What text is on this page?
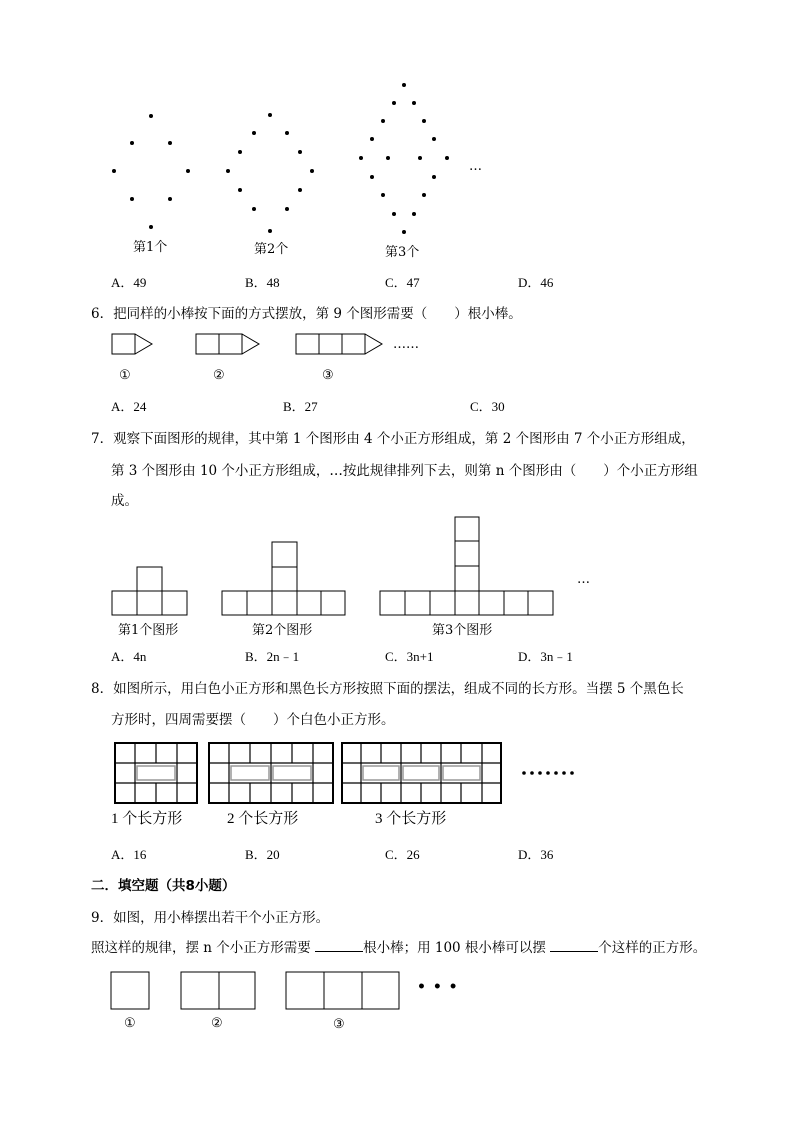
第1个	第2个	第3个
…
A．49	B．48	C．47	D．46
6．把同样的小棒按下面的方式摆放，第 9 个图形需要（　　）根小棒。
……
①	②	③
A．24	B．27	C．30
7．观察下面图形的规律，其中第 1 个图形由 4 个小正方形组成，第 2 个图形由 7 个小正方形组成，
第 3 个图形由 10 个小正方形组成，…按此规律排列下去，则第 n 个图形由（　　）个小正方形组
成。
…
第1个图形	第2个图形	第3个图形
A．4n	B．2n﹣1	C．3n+1	D．3n﹣1
8．如图所示，用白色小正方形和黑色长方形按照下面的摆法，组成不同的长方形。当摆 5 个黑色长
方形时，四周需要摆（　　）个白色小正方形。
1 个长方形	2 个长方形	3 个长方形
A．16	B．20	C．26	D．36
二．填空题（共8小题）
9．如图，用小棒摆出若干个小正方形。
照这样的规律，摆 n 个小正方形需要	根小棒；用 100 根小棒可以摆	个这样的正方形。
• • •
①	②	③
